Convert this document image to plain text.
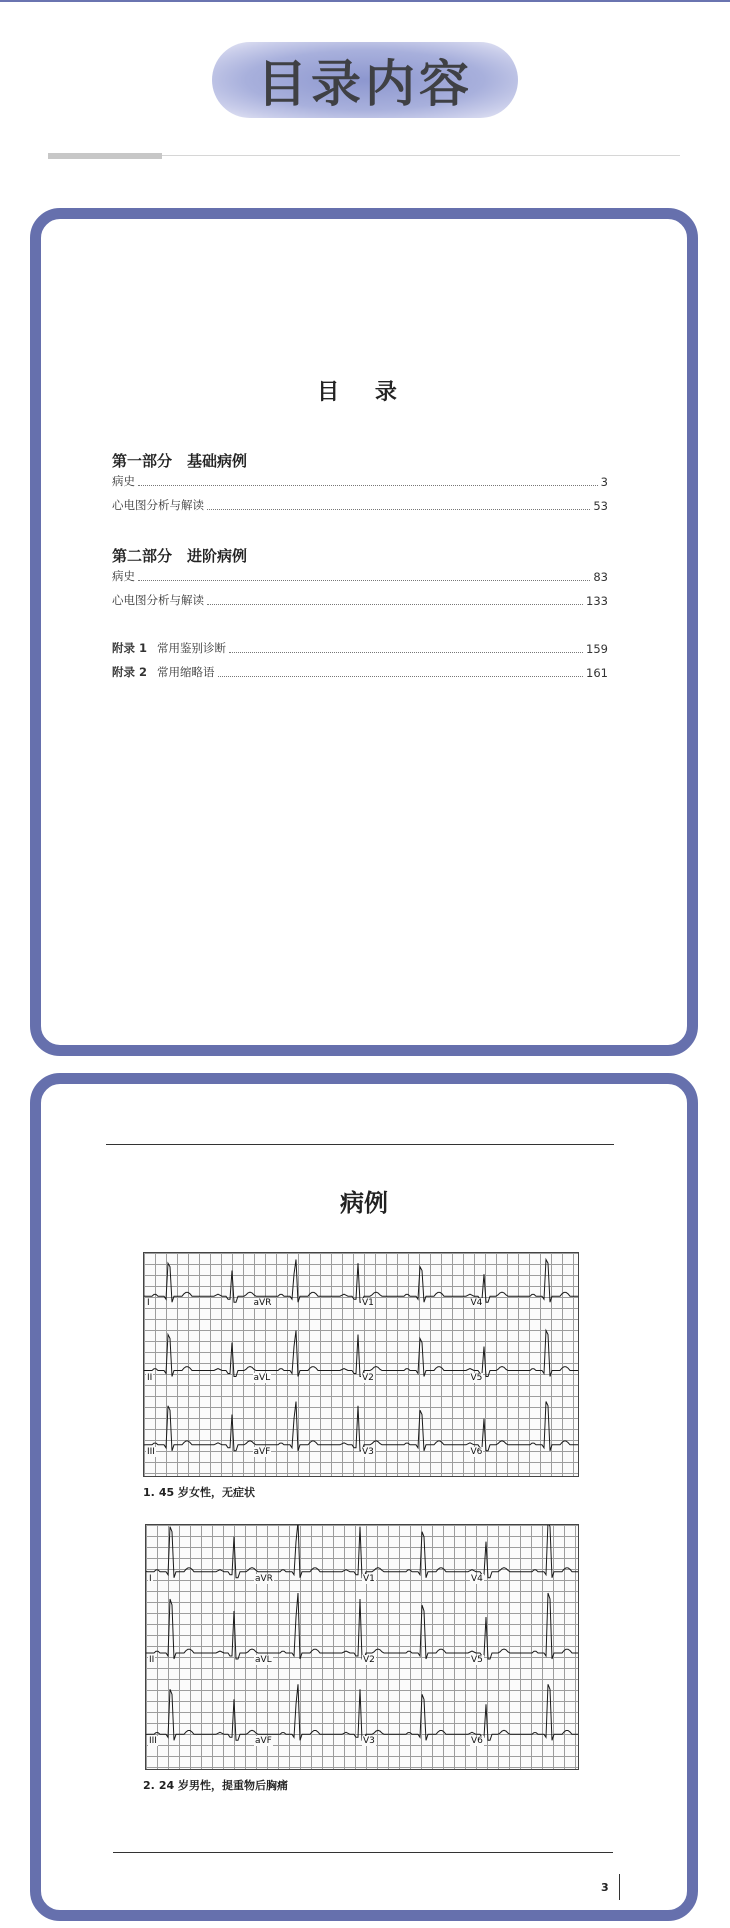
目录内容
目 录
第一部分　基础病例
病史	3
心电图分析与解读	53
第二部分　进阶病例
病史	83
心电图分析与解读	133
附录 1 常用鉴别诊断	159
附录 2 常用缩略语	161
病例
I	aVR	V1	V4
II	aVL	V2	V5
III	aVF	V3	V6
1. 45 岁女性，无症状
I	aVR	V1	V4
II	aVL	V2	V5
III	aVF	V3	V6
2. 24 岁男性，提重物后胸痛
3
